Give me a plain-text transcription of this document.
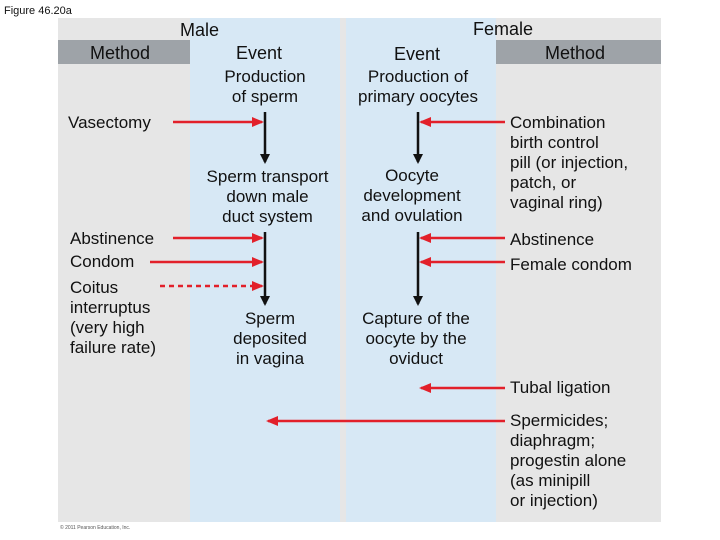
Figure 46.20a
Male	Female
Method	Event	Event	Method
Production
of sperm
Sperm transport
down male
duct system
Sperm
deposited
in vagina
Production of
primary oocytes
Oocyte
development
and ovulation
Capture of the
oocyte by the
oviduct
Vasectomy
Abstinence
Condom
Coitus
interruptus
(very high
failure rate)
Combination
birth control
pill (or injection,
patch, or
vaginal ring)
Abstinence
Female condom
Tubal ligation
Spermicides;
diaphragm;
progestin alone
(as minipill
or injection)
© 2011 Pearson Education, Inc.
